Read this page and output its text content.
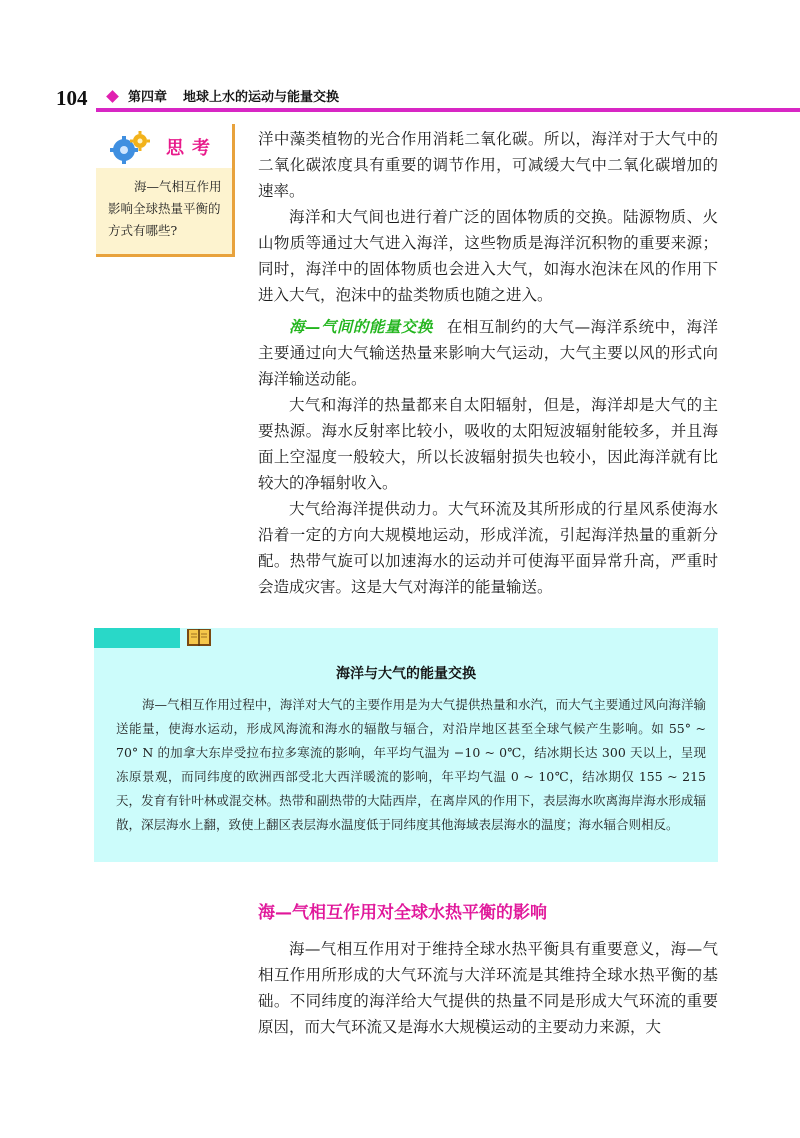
104	第四章 地球上水的运动与能量交换
思考
海—气相互作用影响全球热量平衡的方式有哪些?

洋中藻类植物的光合作用消耗二氧化碳。所以，海洋对于大气中的二氧化碳浓度具有重要的调节作用，可减缓大气中二氧化碳增加的速率。

海洋和大气间也进行着广泛的固体物质的交换。陆源物质、火山物质等通过大气进入海洋，这些物质是海洋沉积物的重要来源；同时，海洋中的固体物质也会进入大气，如海水泡沫在风的作用下进入大气，泡沫中的盐类物质也随之进入。

海—气间的能量交换 在相互制约的大气—海洋系统中，海洋主要通过向大气输送热量来影响大气运动，大气主要以风的形式向海洋输送动能。

大气和海洋的热量都来自太阳辐射，但是，海洋却是大气的主要热源。海水反射率比较小，吸收的太阳短波辐射能较多，并且海面上空湿度一般较大，所以长波辐射损失也较小，因此海洋就有比较大的净辐射收入。

大气给海洋提供动力。大气环流及其所形成的行星风系使海水沿着一定的方向大规模地运动，形成洋流，引起海洋热量的重新分配。热带气旋可以加速海水的运动并可使海平面异常升高，严重时会造成灾害。这是大气对海洋的能量输送。

海洋与大气的能量交换

海—气相互作用过程中，海洋对大气的主要作用是为大气提供热量和水汽，而大气主要通过风向海洋输送能量，使海水运动，形成风海流和海水的辐散与辐合，对沿岸地区甚至全球气候产生影响。如 55° ~ 70° N 的加拿大东岸受拉布拉多寒流的影响，年平均气温为 −10 ~ 0℃，结冰期长达 300 天以上，呈现冻原景观，而同纬度的欧洲西部受北大西洋暖流的影响，年平均气温 0 ~ 10℃，结冰期仅 155 ~ 215 天，发育有针叶林或混交林。热带和副热带的大陆西岸，在离岸风的作用下，表层海水吹离海岸海水形成辐散，深层海水上翻，致使上翻区表层海水温度低于同纬度其他海域表层海水的温度；海水辐合则相反。

海—气相互作用对全球水热平衡的影响

海—气相互作用对于维持全球水热平衡具有重要意义，海—气相互作用所形成的大气环流与大洋环流是其维持全球水热平衡的基础。不同纬度的海洋给大气提供的热量不同是形成大气环流的重要原因，而大气环流又是海水大规模运动的主要动力来源，大
